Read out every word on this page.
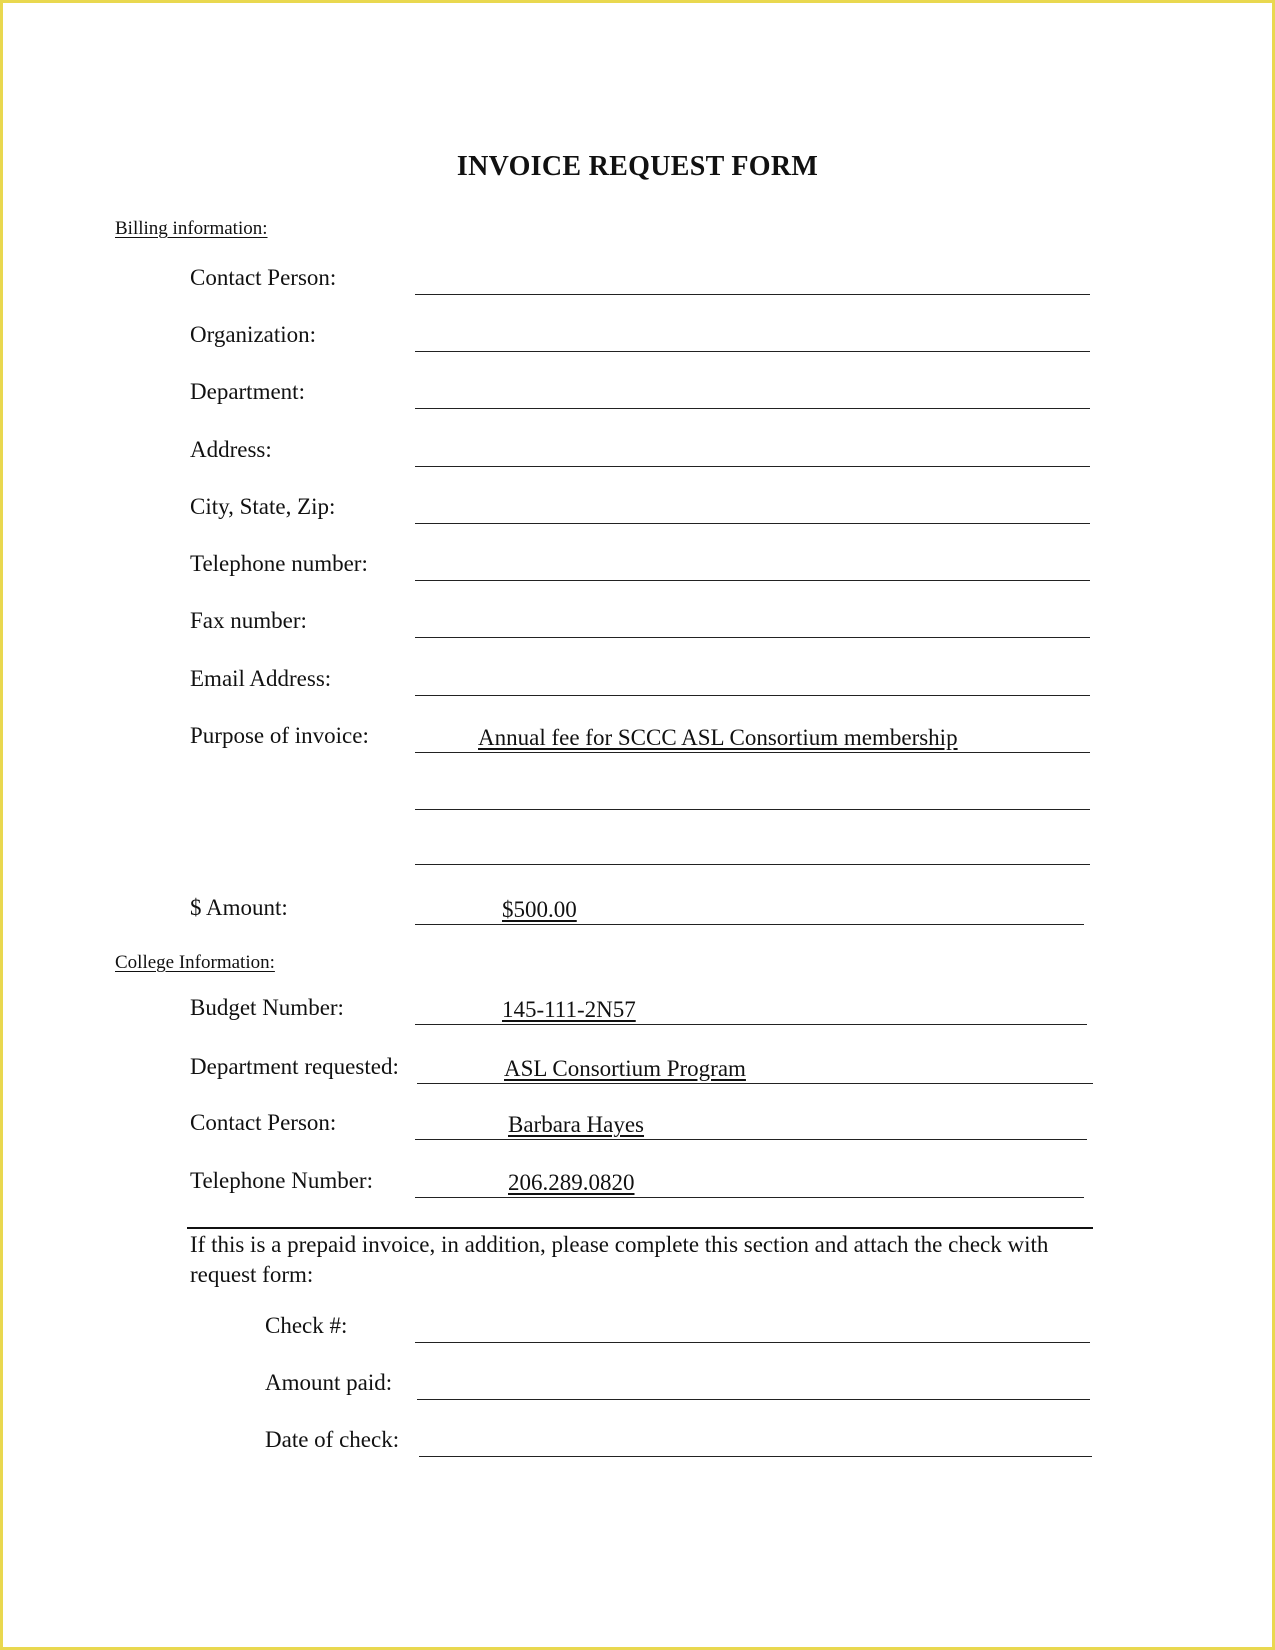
INVOICE REQUEST FORM
Billing information:
Contact Person:
Organization:
Department:
Address:
City, State, Zip:
Telephone number:
Fax number:
Email Address:
Purpose of invoice:	Annual fee for SCCC ASL Consortium membership
$ Amount:	$500.00
College Information:
Budget Number:	145-111-2N57
Department requested:	ASL Consortium Program
Contact Person:	Barbara Hayes
Telephone Number:	206.289.0820
If this is a prepaid invoice, in addition, please complete this section and attach the check with request form:
Check #:
Amount paid:
Date of check:
